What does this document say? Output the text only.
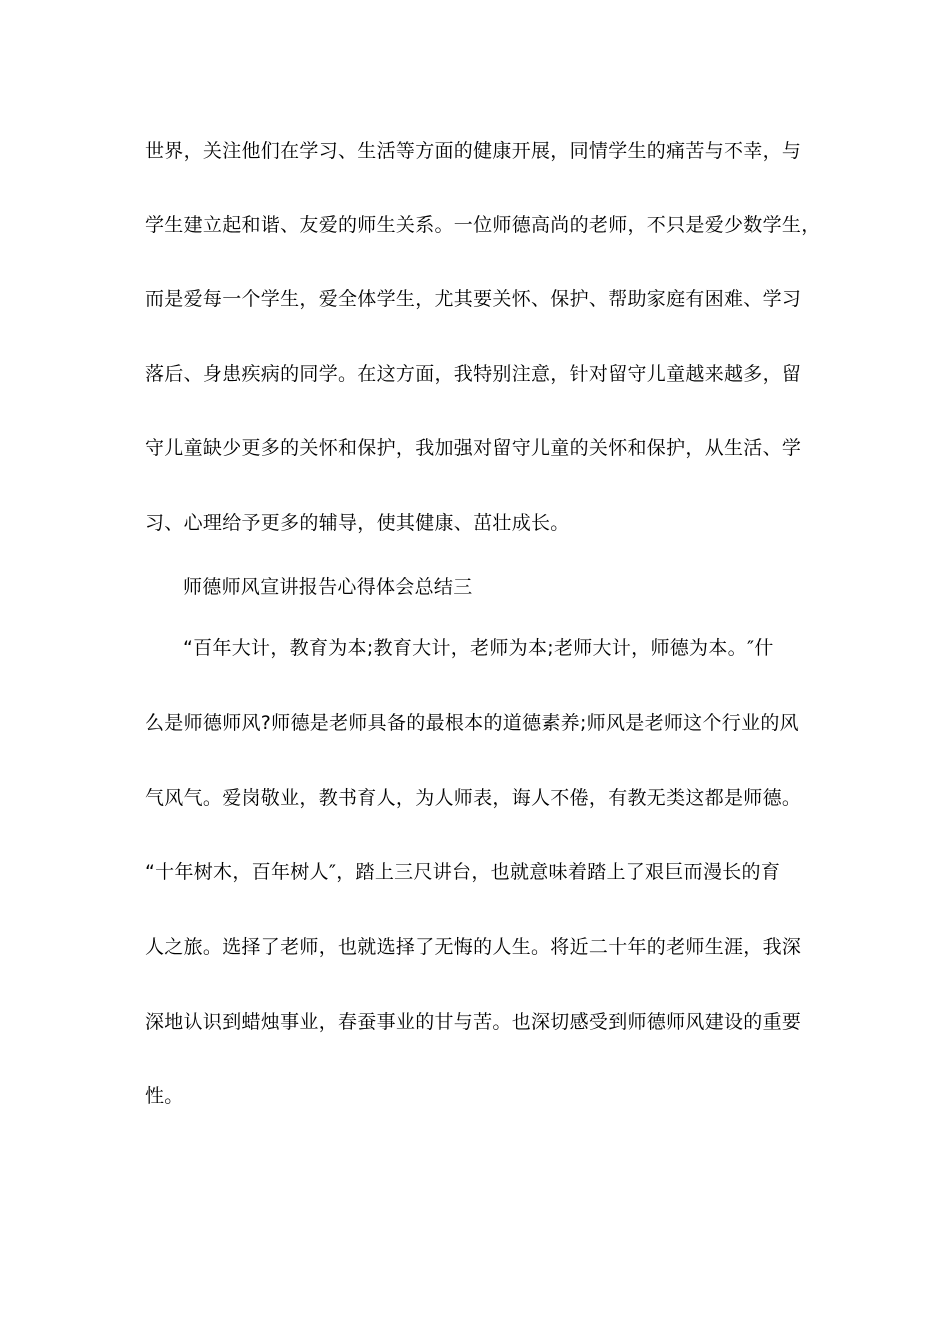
世界，关注他们在学习、生活等方面的健康开展，同情学生的痛苦与不幸，与
学生建立起和谐、友爱的师生关系。一位师德高尚的老师，不只是爱少数学生，
而是爱每一个学生，爱全体学生，尤其要关怀、保护、帮助家庭有困难、学习
落后、身患疾病的同学。在这方面，我特别注意，针对留守儿童越来越多，留
守儿童缺少更多的关怀和保护，我加强对留守儿童的关怀和保护，从生活、学
习、心理给予更多的辅导，使其健康、茁壮成长。
师德师风宣讲报告心得体会总结三
“百年大计，教育为本;教育大计，老师为本;老师大计，师德为本。″什
么是师德师风?师德是老师具备的最根本的道德素养;师风是老师这个行业的风
气风气。爱岗敬业，教书育人，为人师表，诲人不倦，有教无类这都是师德。
“十年树木，百年树人″，踏上三尺讲台，也就意味着踏上了艰巨而漫长的育
人之旅。选择了老师，也就选择了无悔的人生。将近二十年的老师生涯，我深
深地认识到蜡烛事业，春蚕事业的甘与苦。也深切感受到师德师风建设的重要
性。
